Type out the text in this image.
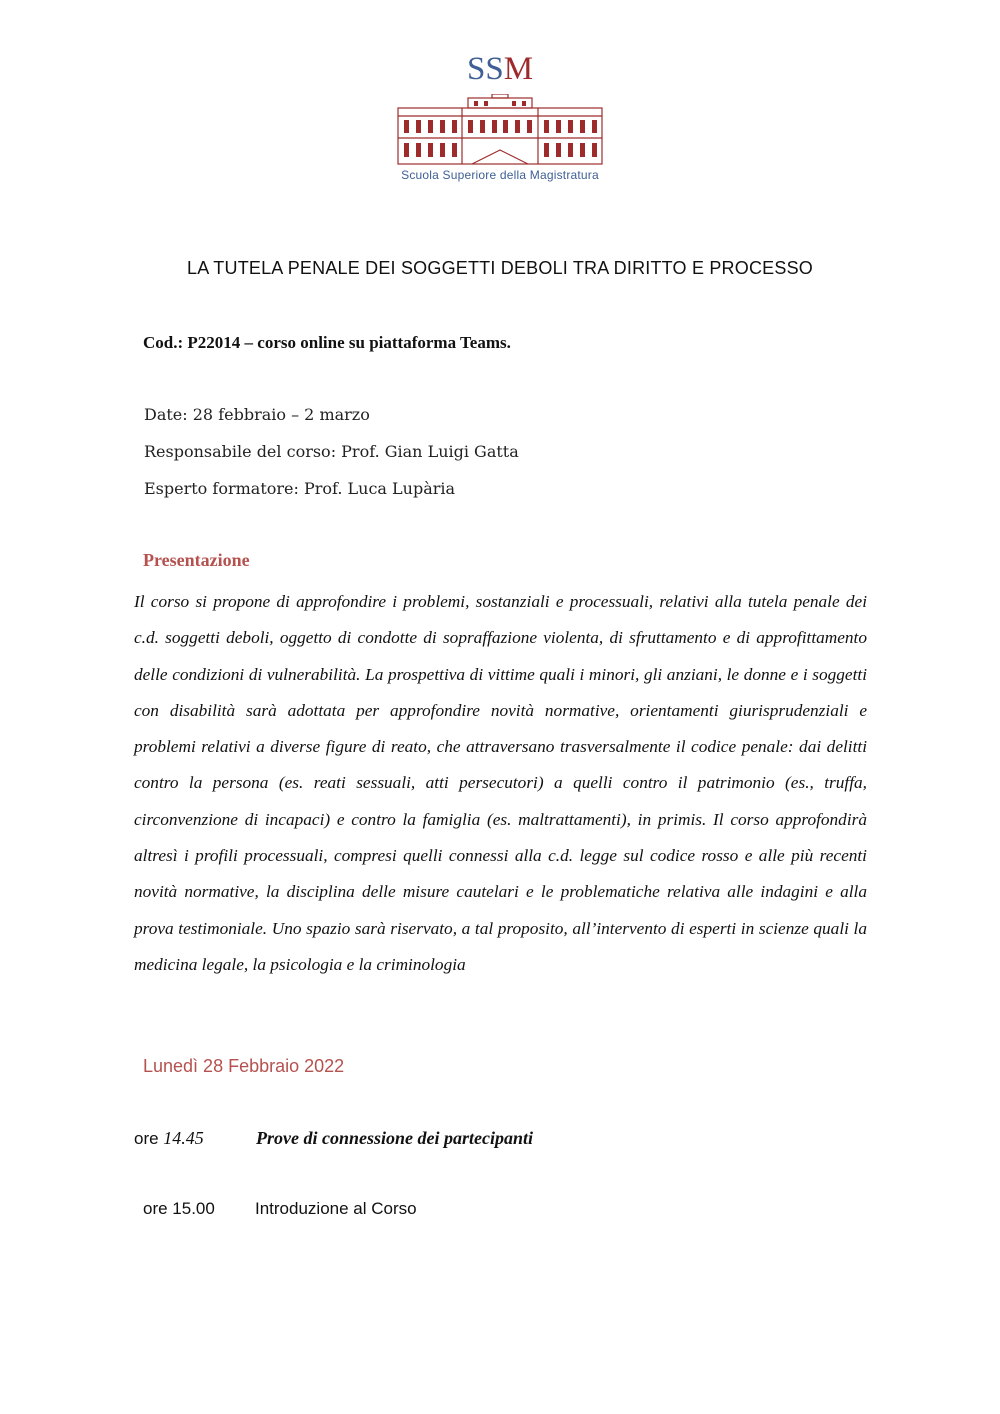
SSM
Scuola Superiore della Magistratura
LA TUTELA PENALE DEI SOGGETTI DEBOLI TRA DIRITTO E PROCESSO
Cod.: P22014 – corso online su piattaforma Teams.
Date: 28 febbraio – 2 marzo
Responsabile del corso: Prof. Gian Luigi Gatta
Esperto formatore: Prof. Luca Lupària
Presentazione

Il corso si propone di approfondire i problemi, sostanziali e processuali, relativi alla tutela penale dei c.d. soggetti deboli, oggetto di condotte di sopraffazione violenta, di sfruttamento e di approfittamento delle condizioni di vulnerabilità. La prospettiva di vittime quali i minori, gli anziani, le donne e i soggetti con disabilità sarà adottata per approfondire novità normative, orientamenti giurisprudenziali e problemi relativi a diverse figure di reato, che attraversano trasversalmente il codice penale: dai delitti contro la persona (es. reati sessuali, atti persecutori) a quelli contro il patrimonio (es., truffa, circonvenzione di incapaci) e contro la famiglia (es. maltrattamenti), in primis. Il corso approfondirà altresì i profili processuali, compresi quelli connessi alla c.d. legge sul codice rosso e alle più recenti novità normative, la disciplina delle misure cautelari e le problematiche relativa alle indagini e alla prova testimoniale. Uno spazio sarà riservato, a tal proposito, all’intervento di esperti in scienze quali la medicina legale, la psicologia e la criminologia

Lunedì 28 Febbraio 2022
ore 14.45	Prove di connessione dei partecipanti
ore 15.00 Introduzione al Corso
